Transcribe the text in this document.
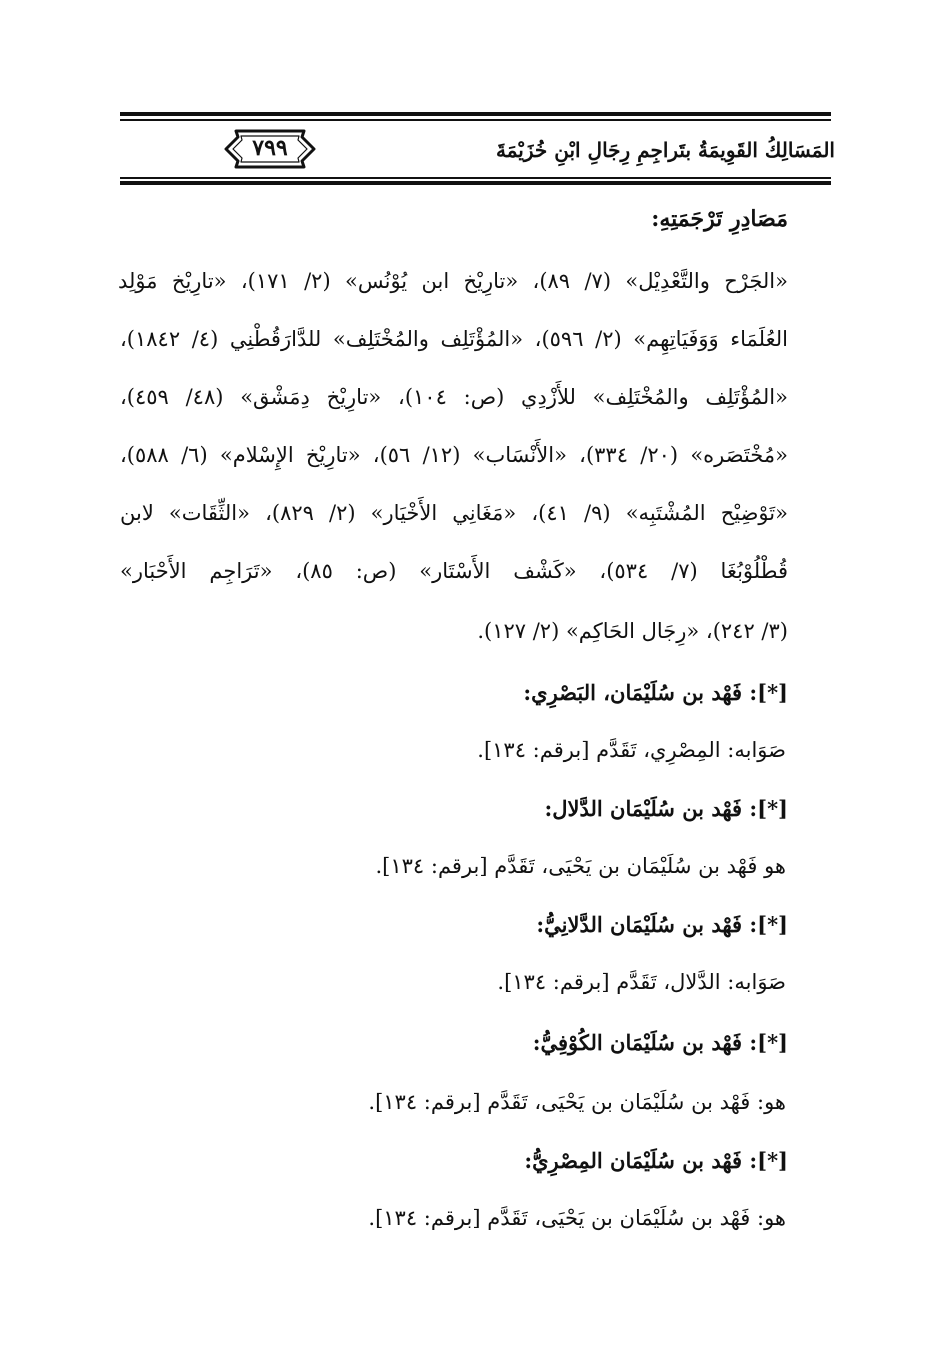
المَسَالِكُ القَوِيمَةُ بتَراجِمِ رِجَالِ ابْنِ خُزَيْمَةَ
٧٩٩
مَصَادِرِ تَرْجَمَتِهِ:
«الجَرْح والتَّعْدِيْل» (٧/ ٨٩)، «تارِيْخ ابن يُوْنُس» (٢/ ١٧١)، «تارِيْخ مَوْلِد
العُلَمَاء وَوَفَيَاتِهِم» (٢/ ٥٩٦)، «المُؤْتَلِف والمُخْتَلِف» للدَّارَقُطْنِي (٤/ ١٨٤٢)،
«المُؤْتَلِف والمُخْتَلِف» للأَزْدِي (ص: ١٠٤)، «تارِيْخ دِمَشْق» (٤٨/ ٤٥٩)،
«مُخْتَصَره» (٢٠/ ٣٣٤)، «الأَنْسَاب» (١٢/ ٥٦)، «تارِيْخ الإِسْلام» (٦/ ٥٨٨)،
«تَوْضِيْح المُشْتَبِه» (٩/ ٤١)، «مَغَانِي الأَخْيَار» (٢/ ٨٢٩)، «الثِّقَات» لابن
قُطْلُوْبُغَا (٧/ ٥٣٤)، «كَشْف الأَسْتَار» (ص: ٨٥)، «تَرَاجِم الأَحْبَار»
(٣/ ٢٤٢)، «رِجَال الحَاكِم» (٢/ ١٢٧).
[*]: فَهْد بن سُلَيْمَان، البَصْرِي:
صَوَابه: المِصْرِي، تَقَدَّم [برقم: ١٣٤].
[*]: فَهْد بن سُلَيْمَان الدَّلال:
هو فَهْد بن سُلَيْمَان بن يَحْيَى، تَقَدَّم [برقم: ١٣٤].
[*]: فَهْد بن سُلَيْمَان الدَّلانِيُّ:
صَوَابه: الدَّلال، تَقَدَّم [برقم: ١٣٤].
[*]: فَهْد بن سُلَيْمَان الكُوْفِيُّ:
هو: فَهْد بن سُلَيْمَان بن يَحْيَى، تَقَدَّم [برقم: ١٣٤].
[*]: فَهْد بن سُلَيْمَان المِصْرِيُّ:
هو: فَهْد بن سُلَيْمَان بن يَحْيَى، تَقَدَّم [برقم: ١٣٤].
